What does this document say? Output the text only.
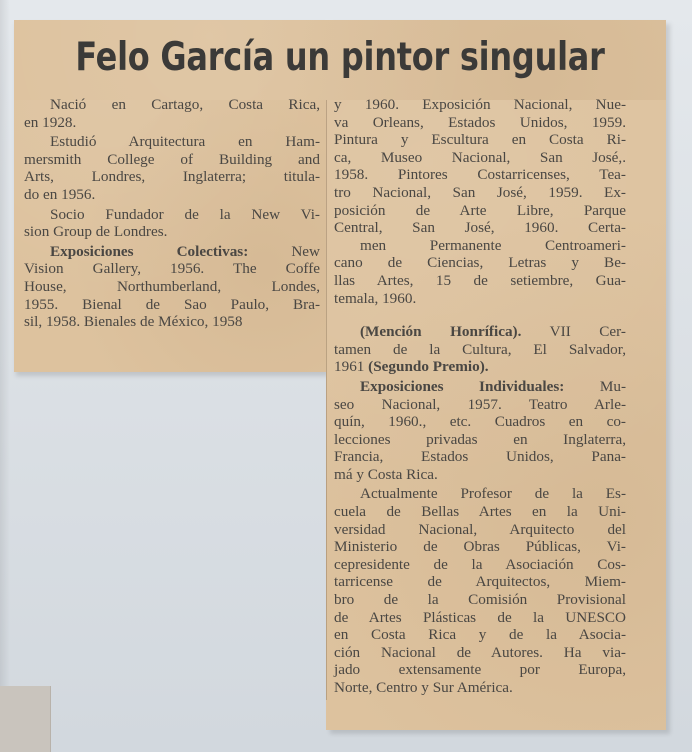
Felo García un pintor singular
Nació en Cartago, Costa Rica,
en 1928.
Estudió Arquitectura en Ham-
mersmith College of Building and
Arts, Londres, Inglaterra; titula-
do en 1956.
Socio Fundador de la New Vi-
sion Group de Londres.
Exposiciones Colectivas: New
Vision Gallery, 1956. The Coffe
House, Northumberland, Londes,
1955. Bienal de Sao Paulo, Bra-
sil, 1958. Bienales de México, 1958
y 1960. Exposición Nacional, Nue-
va Orleans, Estados Unidos, 1959.
Pintura y Escultura en Costa Ri-
ca, Museo Nacional, San José,.
1958. Pintores Costarricenses, Tea-
tro Nacional, San José, 1959. Ex-
posición de Arte Libre, Parque
Central, San José, 1960. Certa-
men Permanente Centroameri-
cano de Ciencias, Letras y Be-
llas Artes, 15 de setiembre, Gua-
temala, 1960.
(Mención Honrífica). VII Cer-
tamen de la Cultura, El Salvador,
1961 (Segundo Premio).
Exposiciones Individuales: Mu-
seo Nacional, 1957. Teatro Arle-
quín, 1960., etc. Cuadros en co-
lecciones privadas en Inglaterra,
Francia, Estados Unidos, Pana-
má y Costa Rica.
Actualmente Profesor de la Es-
cuela de Bellas Artes en la Uni-
versidad Nacional, Arquitecto del
Ministerio de Obras Públicas, Vi-
cepresidente de la Asociación Cos-
tarricense de Arquitectos, Miem-
bro de la Comisión Provisional
de Artes Plásticas de la UNESCO
en Costa Rica y de la Asocia-
ción Nacional de Autores. Ha via-
jado extensamente por Europa,
Norte, Centro y Sur América.
